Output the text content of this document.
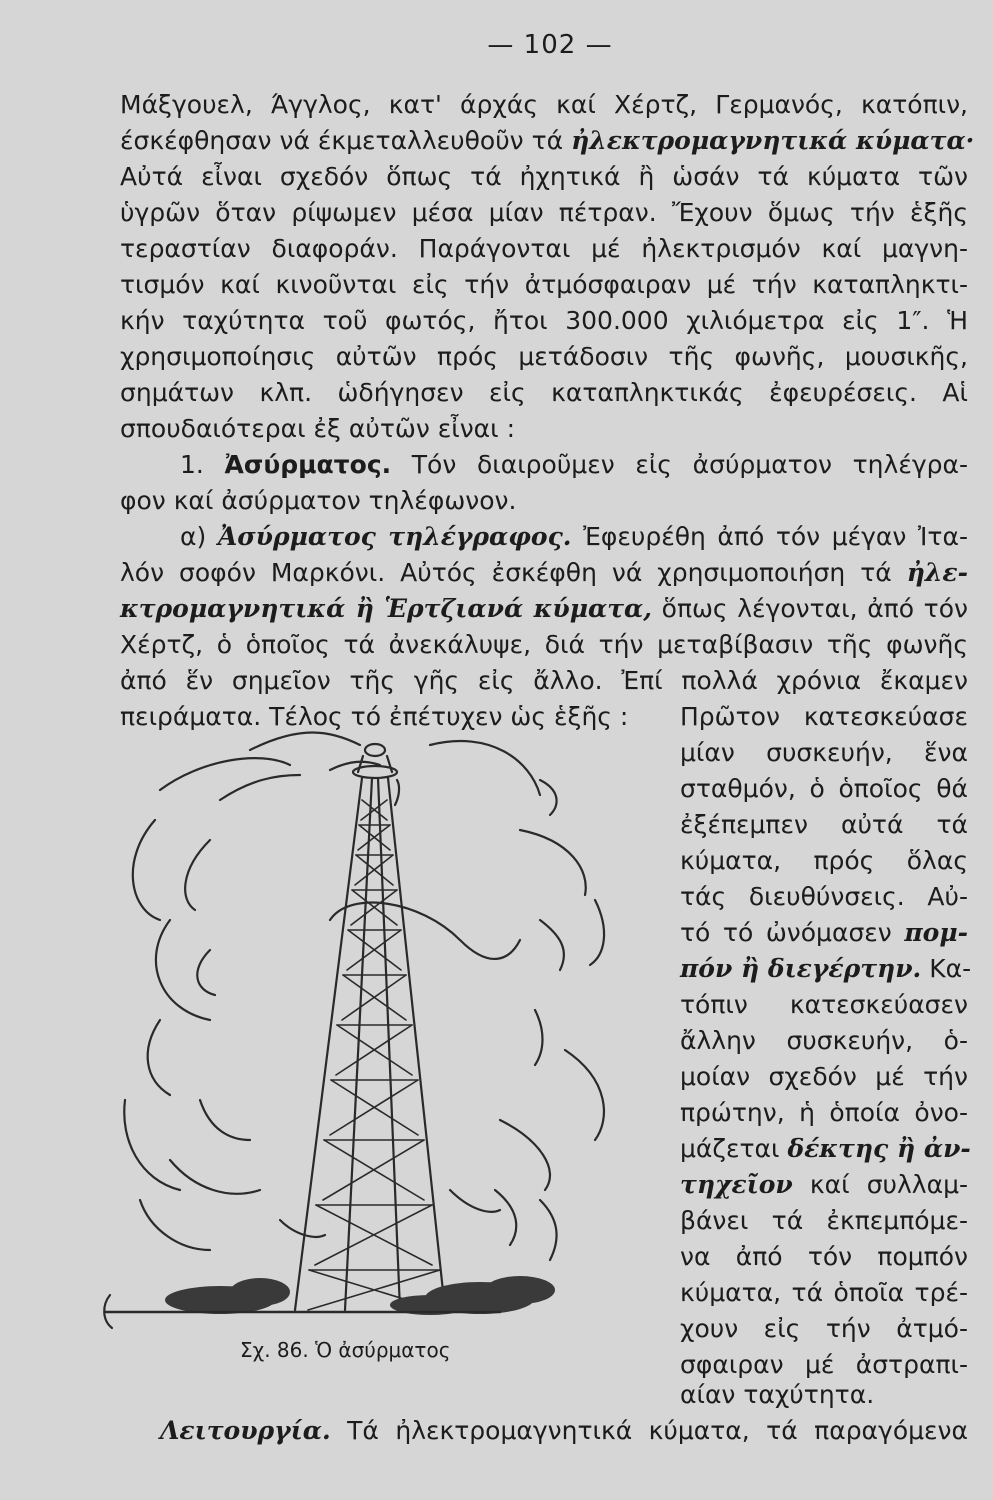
— 102 —
Μάξγουελ, Άγγλος, κατ' άρχάς καί Χέρτζ, Γερμανός, κατόπιν,
έσκέφθησαν νά έκμεταλλευθοῦν τά ἠλεκτρομαγνητικά κύματα·
Αὐτά εἶναι σχεδόν ὅπως τά ἠχητικά ἢ ὡσάν τά κύματα τῶν
ὑγρῶν ὅταν ρίψωμεν μέσα μίαν πέτραν. Ἔχουν ὅμως τήν ἑξῆς
τεραστίαν διαφοράν. Παράγονται μέ ἠλεκτρισμόν καί μαγνη-
τισμόν καί κινοῦνται εἰς τήν ἀτμόσφαιραν μέ τήν καταπληκτι-
κήν ταχύτητα τοῦ φωτός, ἤτοι 300.000 χιλιόμετρα εἰς 1″. Ἡ
χρησιμοποίησις αὐτῶν πρός μετάδοσιν τῆς φωνῆς, μουσικῆς,
σημάτων κλπ. ὡδήγησεν εἰς καταπληκτικάς ἐφευρέσεις. Αἱ
σπουδαιότεραι ἐξ αὐτῶν εἶναι :
1. Ἀσύρματος. Τόν διαιροῦμεν εἰς ἀσύρματον τηλέγρα-
φον καί ἀσύρματον τηλέφωνον.
α) Ἀσύρματος τηλέγραφος. Ἐφευρέθη ἀπό τόν μέγαν Ἰτα-
λόν σοφόν Μαρκόνι. Αὐτός ἐσκέφθη νά χρησιμοποιήση τά ἠλε-
κτρομαγνητικά ἢ Ἑρτζιανά κύματα, ὅπως λέγονται, ἀπό τόν
Χέρτζ, ὁ ὁποῖος τά ἀνεκάλυψε, διά τήν μεταβίβασιν τῆς φωνῆς
ἀπό ἕν σημεῖον τῆς γῆς εἰς ἄλλο. Ἐπί πολλά χρόνια ἔκαμεν
πειράματα. Τέλος τό ἐπέτυχεν ὡς ἑξῆς : Πρῶτον κατεσκεύασε
μίαν συσκευήν, ἕνα
σταθμόν, ὁ ὁποῖος θά
ἐξέπεμπεν αὐτά τά
κύματα, πρός ὅλας
τάς διευθύνσεις. Αὐ-
τό τό ὠνόμασεν πομ-
πόν ἢ διεγέρτην. Κα-
τόπιν κατεσκεύασεν
ἄλλην συσκευήν, ὁ-
μοίαν σχεδόν μέ τήν
πρώτην, ἡ ὁποία ὀνο-
μάζεται δέκτης ἢ ἀν-
τηχεῖον καί συλλαμ-
βάνει τά ἐκπεμπόμε-
να ἀπό τόν πομπόν
κύματα, τά ὁποῖα τρέ-
χουν εἰς τήν ἀτμό-
σφαιραν μέ ἀστραπι-
αίαν ταχύτητα.
Σχ. 86. Ὁ ἀσύρματος
Λειτουργία. Τά ἠλεκτρομαγνητικά κύματα, τά παραγόμενα
